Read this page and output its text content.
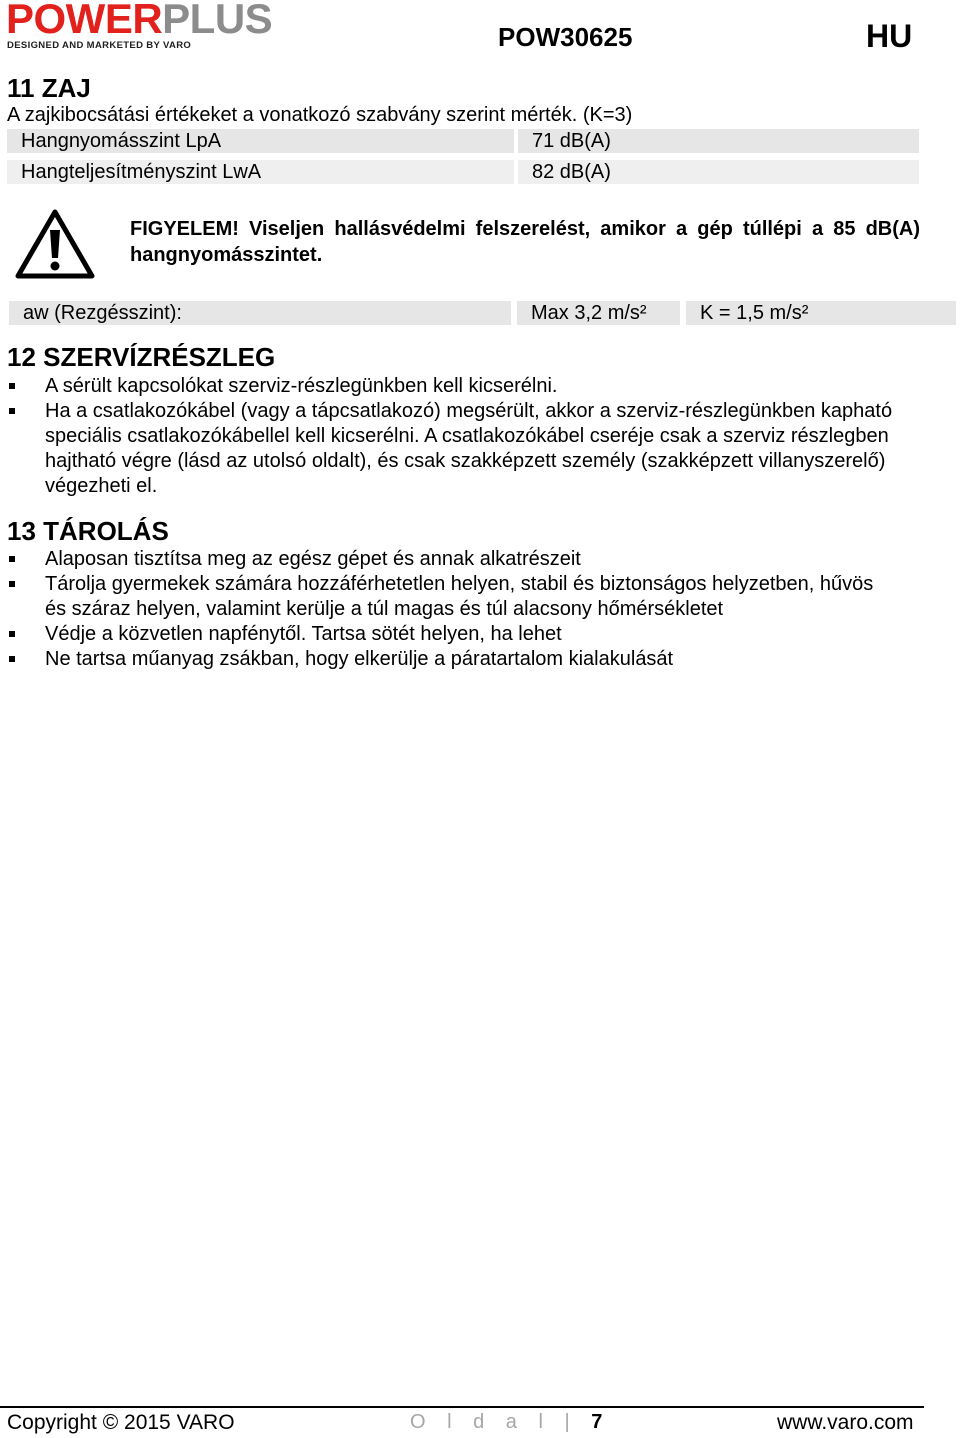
POWERPLUS
DESIGNED AND MARKETED BY VARO	POW30625	HU
11 ZAJ
A zajkibocsátási értékeket a vonatkozó szabvány szerint mérték. (K=3)
Hangnyomásszint LpA	71 dB(A)
Hangteljesítményszint LwA	82 dB(A)
FIGYELEM! Viseljen hallásvédelmi felszerelést, amikor a gép túllépi a 85 dB(A) hangnyomásszintet.
aw (Rezgésszint):	Max 3,2 m/s²	K = 1,5 m/s²
12 SZERVÍZRÉSZLEG
A sérült kapcsolókat szerviz-részlegünkben kell kicserélni.
Ha a csatlakozókábel (vagy a tápcsatlakozó) megsérült, akkor a szerviz-részlegünkben kapható speciális csatlakozókábellel kell kicserélni. A csatlakozókábel cseréje csak a szerviz részlegben hajtható végre (lásd az utolsó oldalt), és csak szakképzett személy (szakképzett villanyszerelő) végezheti el.
13 TÁROLÁS
Alaposan tisztítsa meg az egész gépet és annak alkatrészeit
Tárolja gyermekek számára hozzáférhetetlen helyen, stabil és biztonságos helyzetben, hűvös és száraz helyen, valamint kerülje a túl magas és túl alacsony hőmérsékletet
Védje a közvetlen napfénytől. Tartsa sötét helyen, ha lehet
Ne tartsa műanyag zsákban, hogy elkerülje a páratartalom kialakulását
Copyright © 2015 VARO	O l d a l | 7	www.varo.com
